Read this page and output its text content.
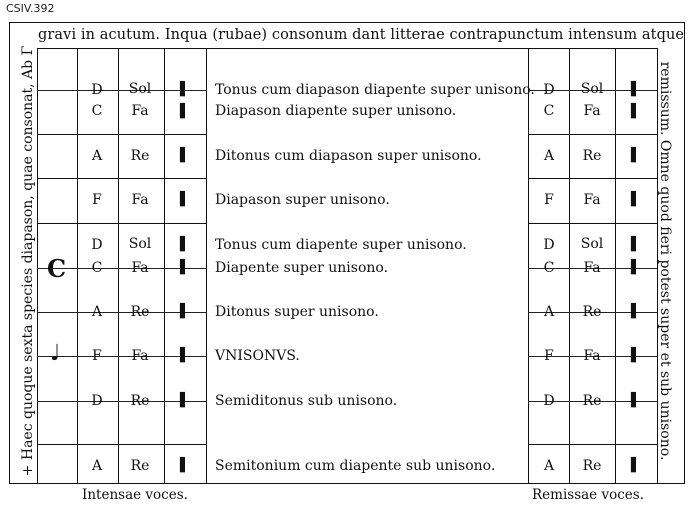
CSIV.392
gravi in acutum. Inqua (rubae) consonum dant litterae contrapunctum intensum atque
+ Haec quoque sexta species diapason, quae consonat, Ab Γ	remissum. Omne quod fieri potest super et sub unisono.
C
♩
D	Sol	▌	Tonus cum diapason diapente super unisono. D	Sol	▌
C	Fa	▌	Diapason diapente super unisono.	C	Fa	▌
A	Re	▌	Ditonus cum diapason super unisono.	A	Re	▌
F	Fa	▌	Diapason super unisono.	F	Fa	▌
D	Sol	▌	Tonus cum diapente super unisono.	D	Sol	▌
C	Fa	▌	Diapente super unisono.	C	Fa	▌
A	Re	▌	Ditonus super unisono.	A	Re	▌
F	Fa	▌	VNISONVS.	F	Fa	▌
D	Re	▌	Semiditonus sub unisono.	D	Re	▌
A	Re	▌	Semitonium cum diapente sub unisono.	A	Re	▌
Intensae voces.	Remissae voces.
